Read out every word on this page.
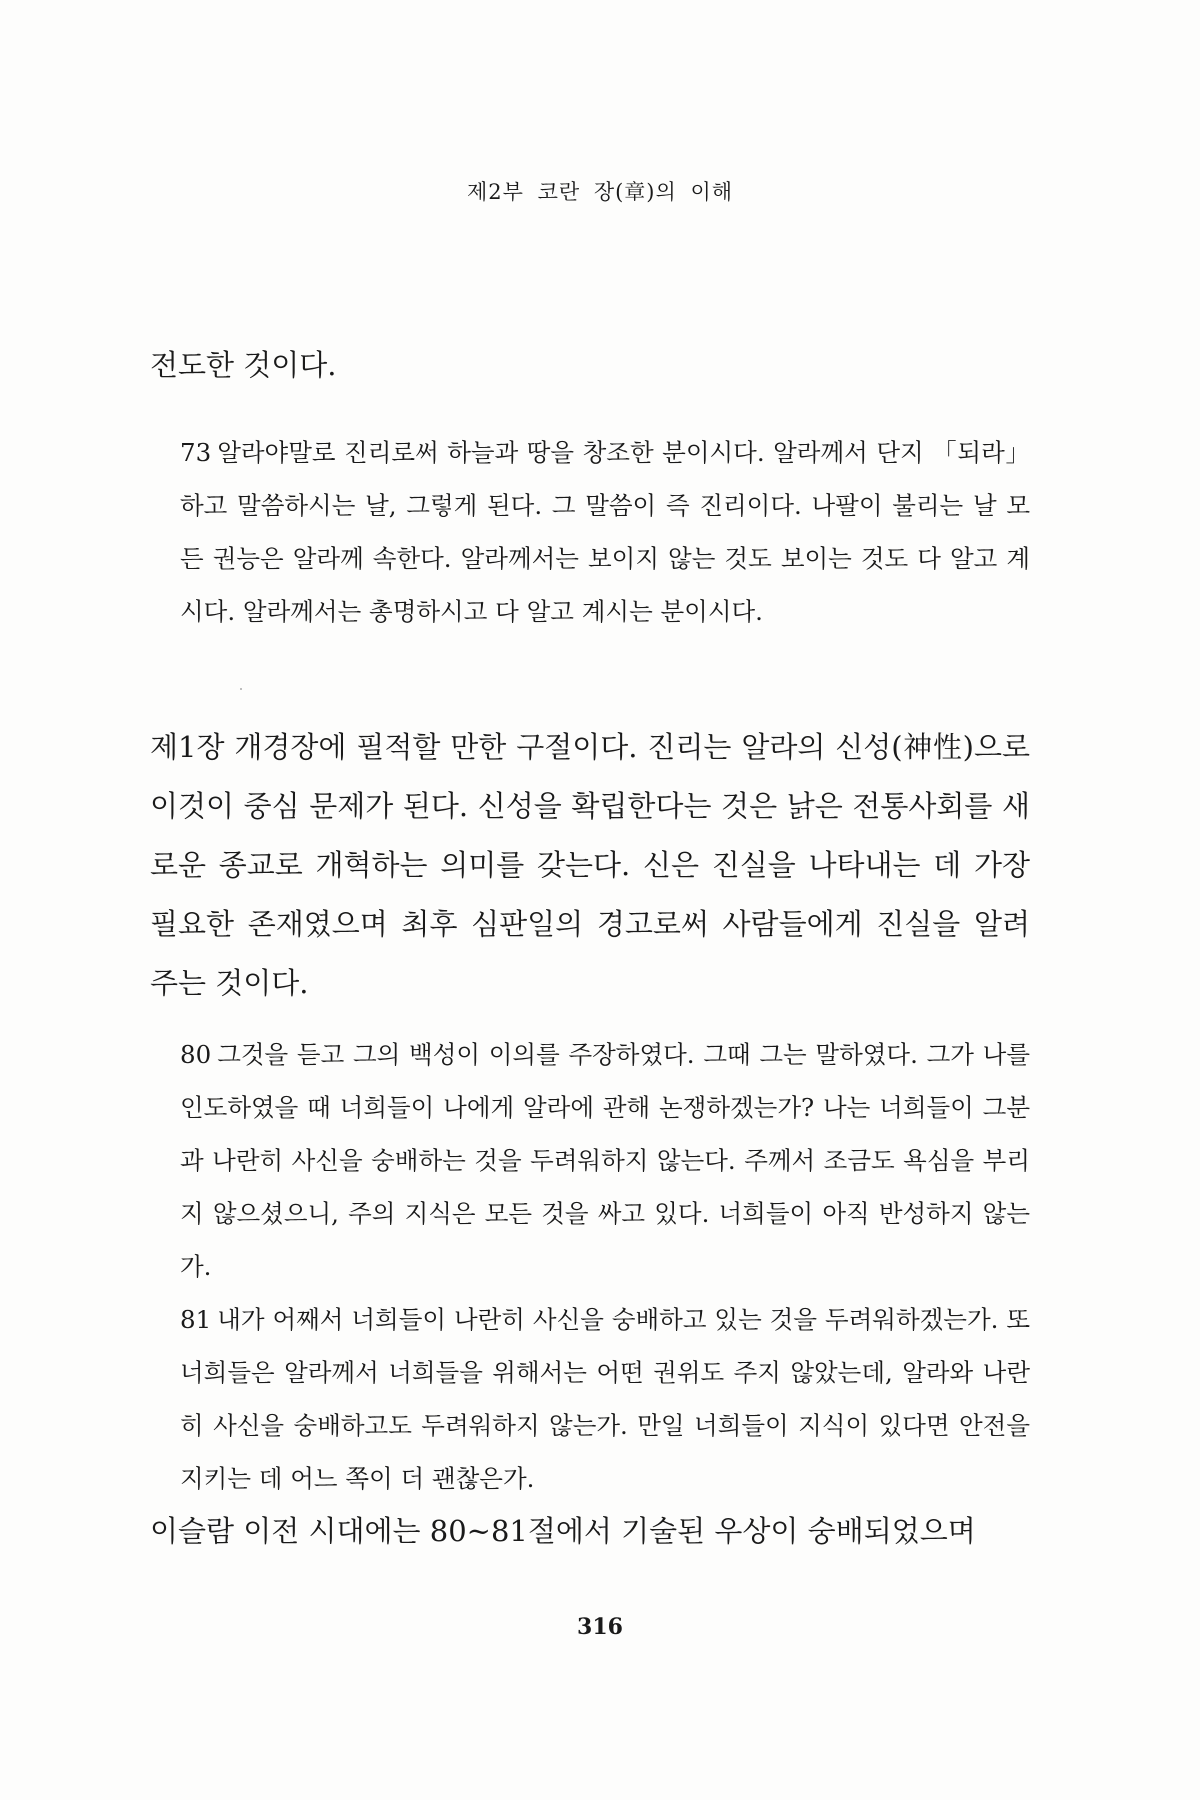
제2부 코란 장(章)의 이해

전도한 것이다.

73 알라야말로 진리로써 하늘과 땅을 창조한 분이시다. 알라께서 단지 「되라」 하고 말씀하시는 날, 그렇게 된다. 그 말씀이 즉 진리이다. 나팔이 불리는 날 모든 권능은 알라께 속한다. 알라께서는 보이지 않는 것도 보이는 것도 다 알고 계시다. 알라께서는 총명하시고 다 알고 계시는 분이시다.

제1장 개경장에 필적할 만한 구절이다. 진리는 알라의 신성(神性)으로 이것이 중심 문제가 된다. 신성을 확립한다는 것은 낡은 전통사회를 새로운 종교로 개혁하는 의미를 갖는다. 신은 진실을 나타내는 데 가장 필요한 존재였으며 최후 심판일의 경고로써 사람들에게 진실을 알려 주는 것이다.

80 그것을 듣고 그의 백성이 이의를 주장하였다. 그때 그는 말하였다. 그가 나를 인도하였을 때 너희들이 나에게 알라에 관해 논쟁하겠는가? 나는 너희들이 그분과 나란히 사신을 숭배하는 것을 두려워하지 않는다. 주께서 조금도 욕심을 부리지 않으셨으니, 주의 지식은 모든 것을 싸고 있다. 너희들이 아직 반성하지 않는가.

81 내가 어째서 너희들이 나란히 사신을 숭배하고 있는 것을 두려워하겠는가. 또 너희들은 알라께서 너희들을 위해서는 어떤 권위도 주지 않았는데, 알라와 나란히 사신을 숭배하고도 두려워하지 않는가. 만일 너희들이 지식이 있다면 안전을 지키는 데 어느 쪽이 더 괜찮은가.

이슬람 이전 시대에는 80~81절에서 기술된 우상이 숭배되었으며

316
